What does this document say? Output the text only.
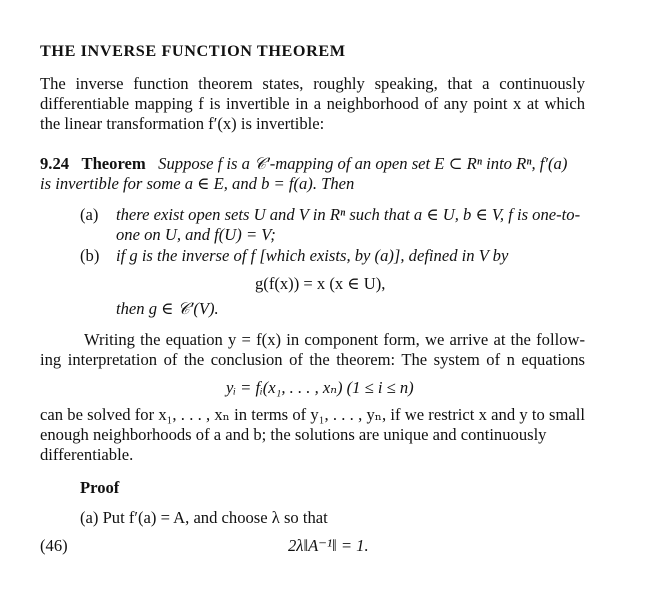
THE INVERSE FUNCTION THEOREM
The inverse function theorem states, roughly speaking, that a continuously
differentiable mapping f is invertible in a neighborhood of any point x at which
the linear transformation f′(x) is invertible:
9.24 Theorem Suppose f is a 𝒞′-mapping of an open set E ⊂ Rⁿ into Rⁿ, f′(a)
is invertible for some a ∈ E, and b = f(a). Then
(a) there exist open sets U and V in Rⁿ such that a ∈ U, b ∈ V, f is one-to-
one on U, and f(U) = V;
(b) if g is the inverse of f [which exists, by (a)], defined in V by
g(f(x)) = x (x ∈ U),
then g ∈ 𝒞′(V).
Writing the equation y = f(x) in component form, we arrive at the follow-
ing interpretation of the conclusion of the theorem: The system of n equations
yᵢ = fᵢ(x₁, . . . , xₙ) (1 ≤ i ≤ n)
can be solved for x₁, . . . , xₙ in terms of y₁, . . . , yₙ, if we restrict x and y to small
enough neighborhoods of a and b; the solutions are unique and continuously
differentiable.
Proof
(a) Put f′(a) = A, and choose λ so that
(46)	2λ‖A⁻¹‖ = 1.
